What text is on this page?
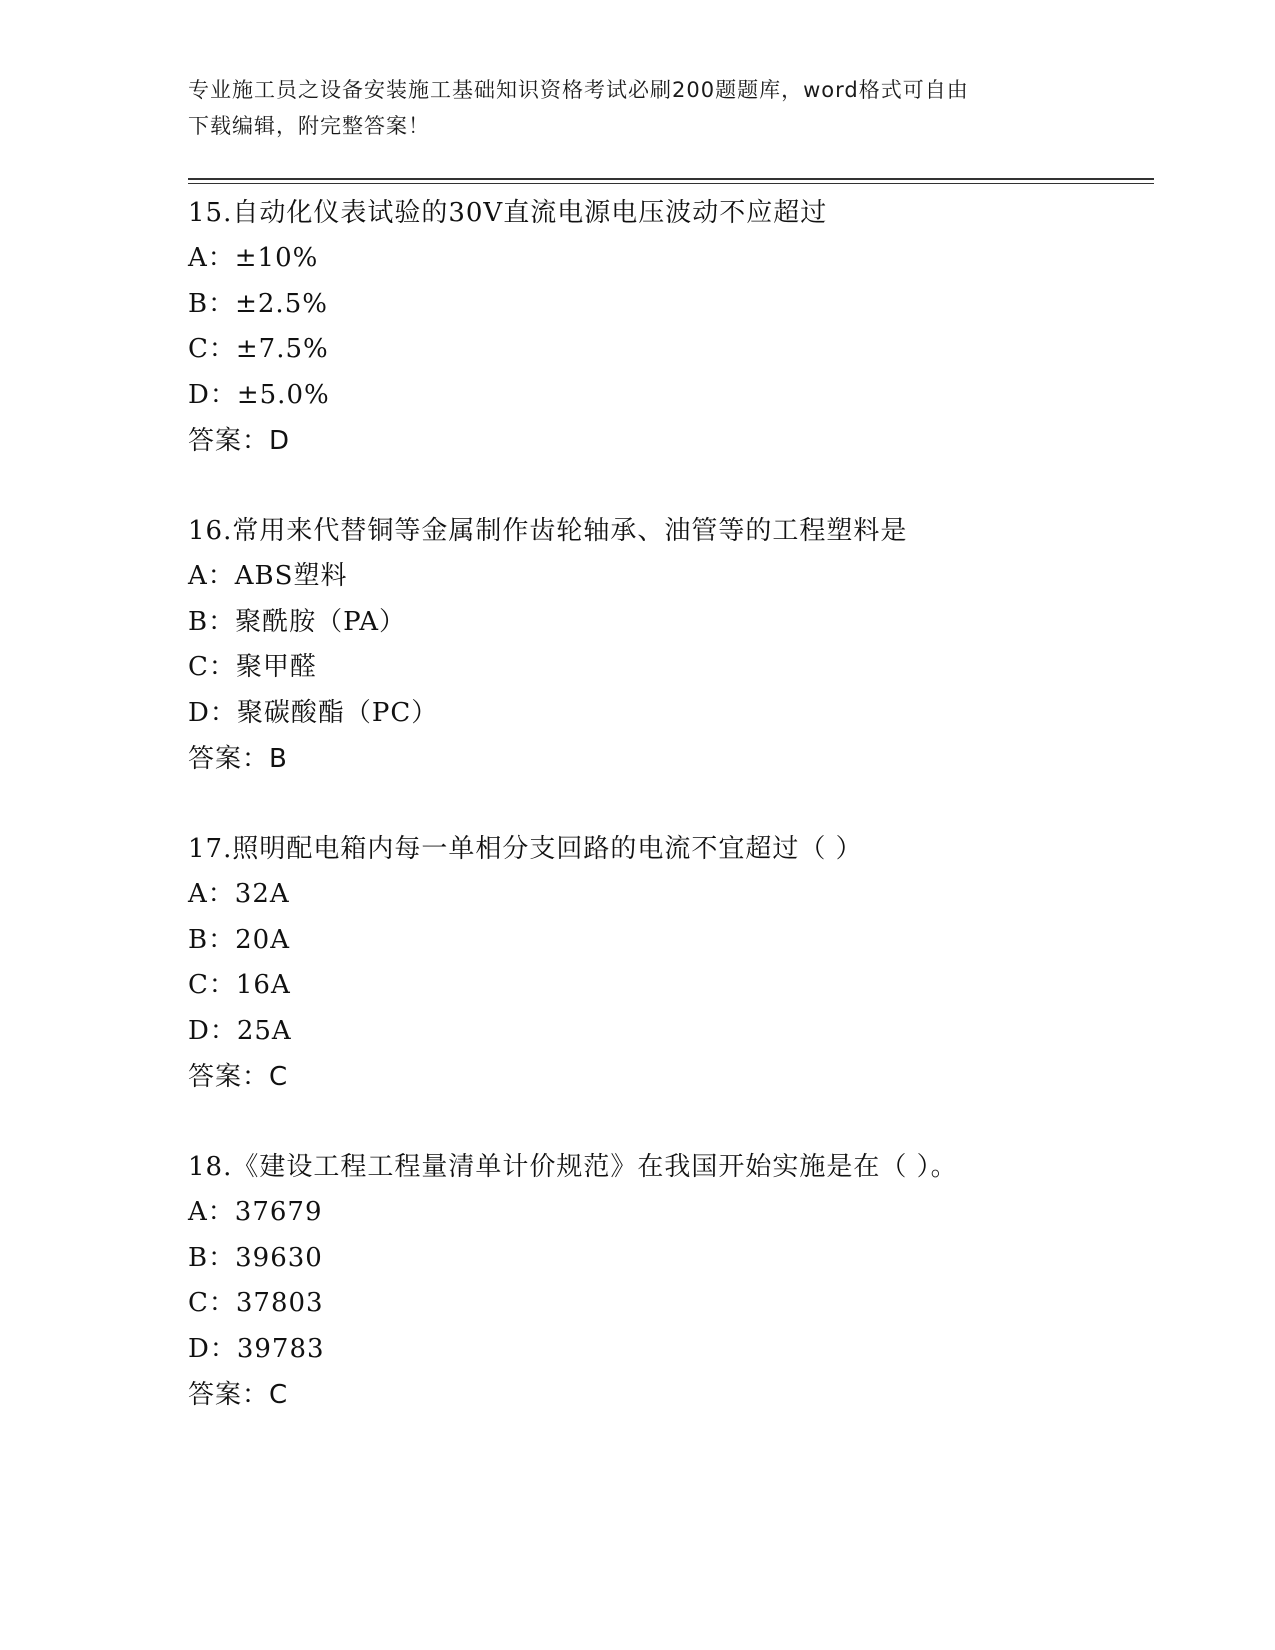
专业施工员之设备安装施工基础知识资格考试必刷200题题库，word格式可自由
下载编辑，附完整答案！
15.自动化仪表试验的30V直流电源电压波动不应超过
A：±10%
B：±2.5%
C：±7.5%
D：±5.0%
答案：D
16.常用来代替铜等金属制作齿轮轴承、油管等的工程塑料是
A：ABS塑料
B：聚酰胺（PA）
C：聚甲醛
D：聚碳酸酯（PC）
答案：B
17.照明配电箱内每一单相分支回路的电流不宜超过（ ）
A：32A
B：20A
C：16A
D：25A
答案：C
18.《建设工程工程量清单计价规范》在我国开始实施是在（ ）。
A：37679
B：39630
C：37803
D：39783
答案：C
